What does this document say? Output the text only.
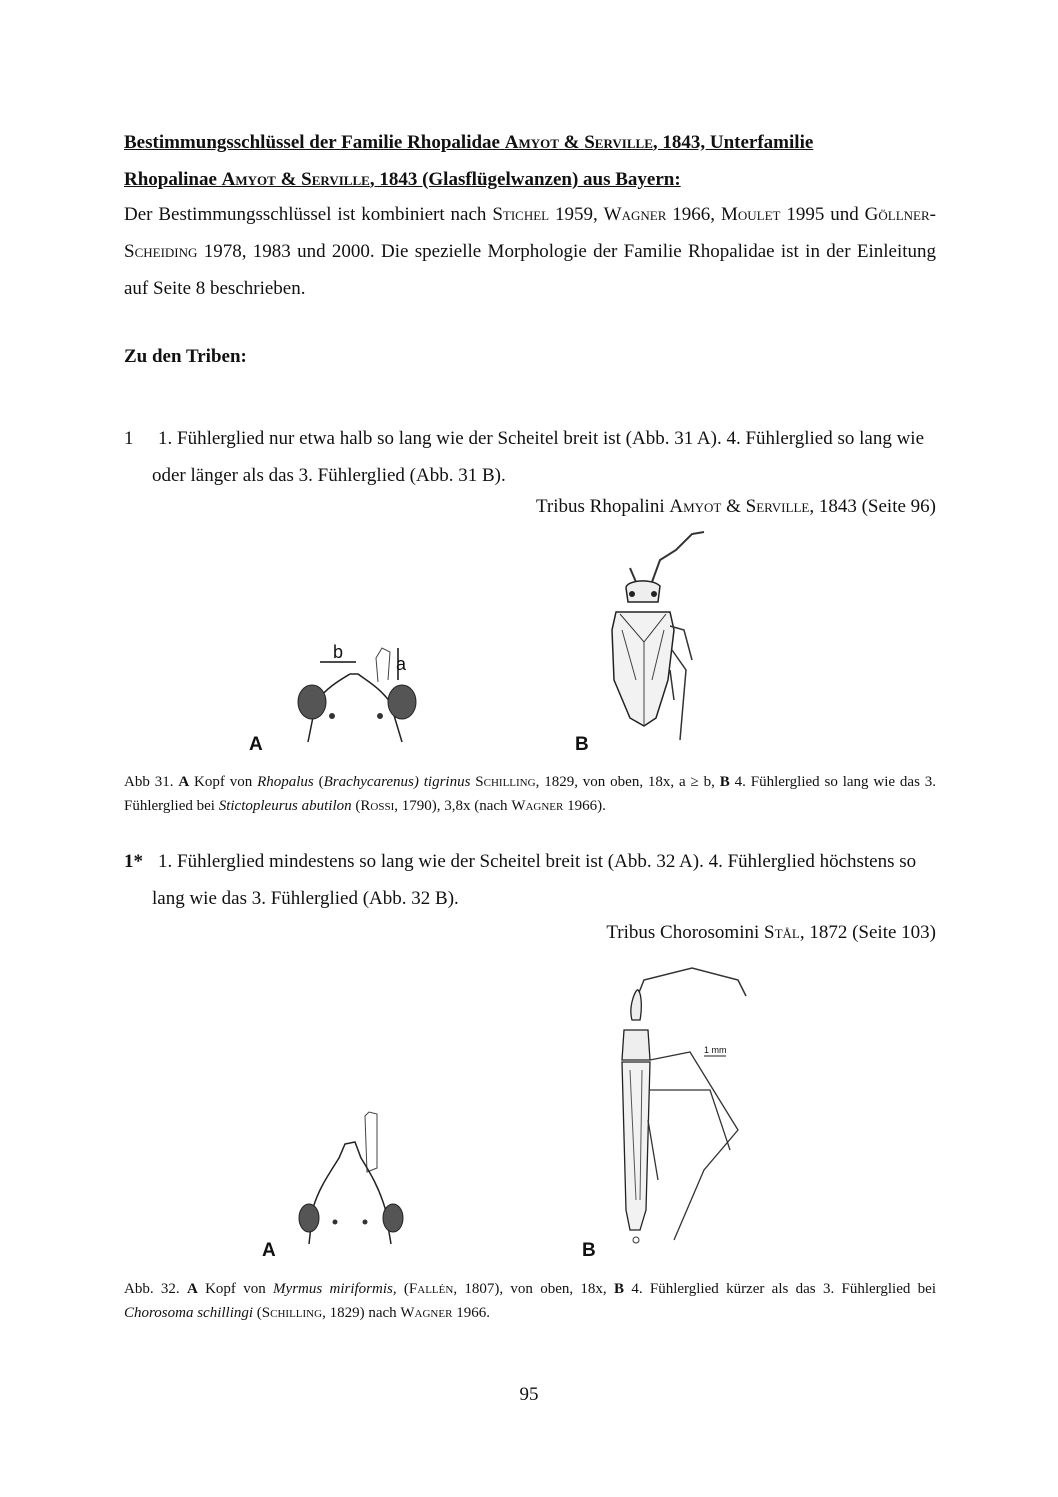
Bestimmungsschlüssel der Familie Rhopalidae Amyot & Serville, 1843, Unterfamilie
Rhopalinae Amyot & Serville, 1843 (Glasflügelwanzen) aus Bayern:
Der Bestimmungsschlüssel ist kombiniert nach Stichel 1959, Wagner 1966, Moulet 1995 und Göllner-Scheiding 1978, 1983 und 2000. Die spezielle Morphologie der Familie Rhopalidae ist in der Einleitung auf Seite 8 beschrieben.
Zu den Triben:
1	1. Fühlerglied nur etwa halb so lang wie der Scheitel breit ist (Abb. 31 A). 4. Fühlerglied so lang wie oder länger als das 3. Fühlerglied (Abb. 31 B).
Tribus Rhopalini Amyot & Serville, 1843 (Seite 96)
b
a
A	B
Abb 31. A Kopf von Rhopalus (Brachycarenus) tigrinus Schilling, 1829, von oben, 18x, a ≥ b, B 4. Fühlerglied so lang wie das 3. Fühlerglied bei Stictopleurus abutilon (Rossi, 1790), 3,8x (nach Wagner 1966).
1* 1. Fühlerglied mindestens so lang wie der Scheitel breit ist (Abb. 32 A). 4. Fühlerglied höchstens so lang wie das 3. Fühlerglied (Abb. 32 B).
Tribus Chorosomini Stål, 1872 (Seite 103)
A
1 mm
B
Abb. 32. A Kopf von Myrmus miriformis, (Fallén, 1807), von oben, 18x, B 4. Fühlerglied kürzer als das 3. Fühlerglied bei Chorosoma schillingi (Schilling, 1829) nach Wagner 1966.
95
